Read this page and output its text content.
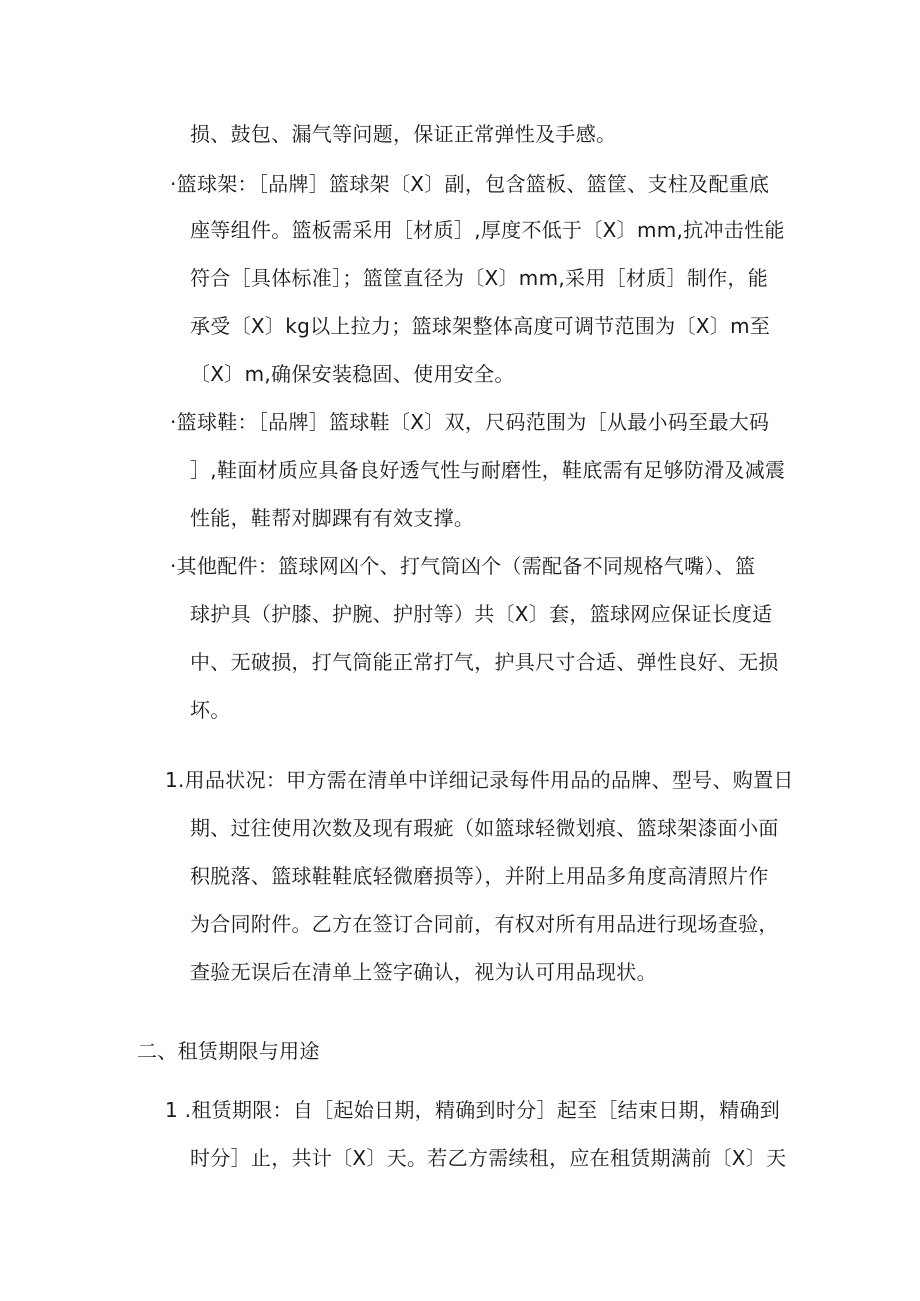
损、鼓包、漏气等问题，保证正常弹性及手感。
·篮球架：［品牌］篮球架〔X〕副，包含篮板、篮筐、支柱及配重底
座等组件。篮板需采用［材质］,厚度不低于〔X〕mm,抗冲击性能
符合［具体标准］；篮筐直径为〔X〕mm,采用［材质］制作，能
承受〔X〕kg以上拉力；篮球架整体高度可调节范围为〔X〕m至
〔X〕m,确保安装稳固、使用安全。
·篮球鞋：［品牌］篮球鞋〔X〕双，尺码范围为［从最小码至最大码
］,鞋面材质应具备良好透气性与耐磨性，鞋底需有足够防滑及减震
性能，鞋帮对脚踝有有效支撑。
·其他配件：篮球网凶个、打气筒凶个（需配备不同规格气嘴）、篮
球护具（护膝、护腕、护肘等）共〔X〕套，篮球网应保证长度适
中、无破损，打气筒能正常打气，护具尺寸合适、弹性良好、无损
坏。
1.用品状况：甲方需在清单中详细记录每件用品的品牌、型号、购置日
期、过往使用次数及现有瑕疵（如篮球轻微划痕、篮球架漆面小面
积脱落、篮球鞋鞋底轻微磨损等），并附上用品多角度高清照片作
为合同附件。乙方在签订合同前，有权对所有用品进行现场查验，
查验无误后在清单上签字确认，视为认可用品现状。
二、租赁期限与用途
1 .租赁期限：自［起始日期，精确到时分］起至［结束日期，精确到
时分］止，共计〔X〕天。若乙方需续租，应在租赁期满前〔X〕天
